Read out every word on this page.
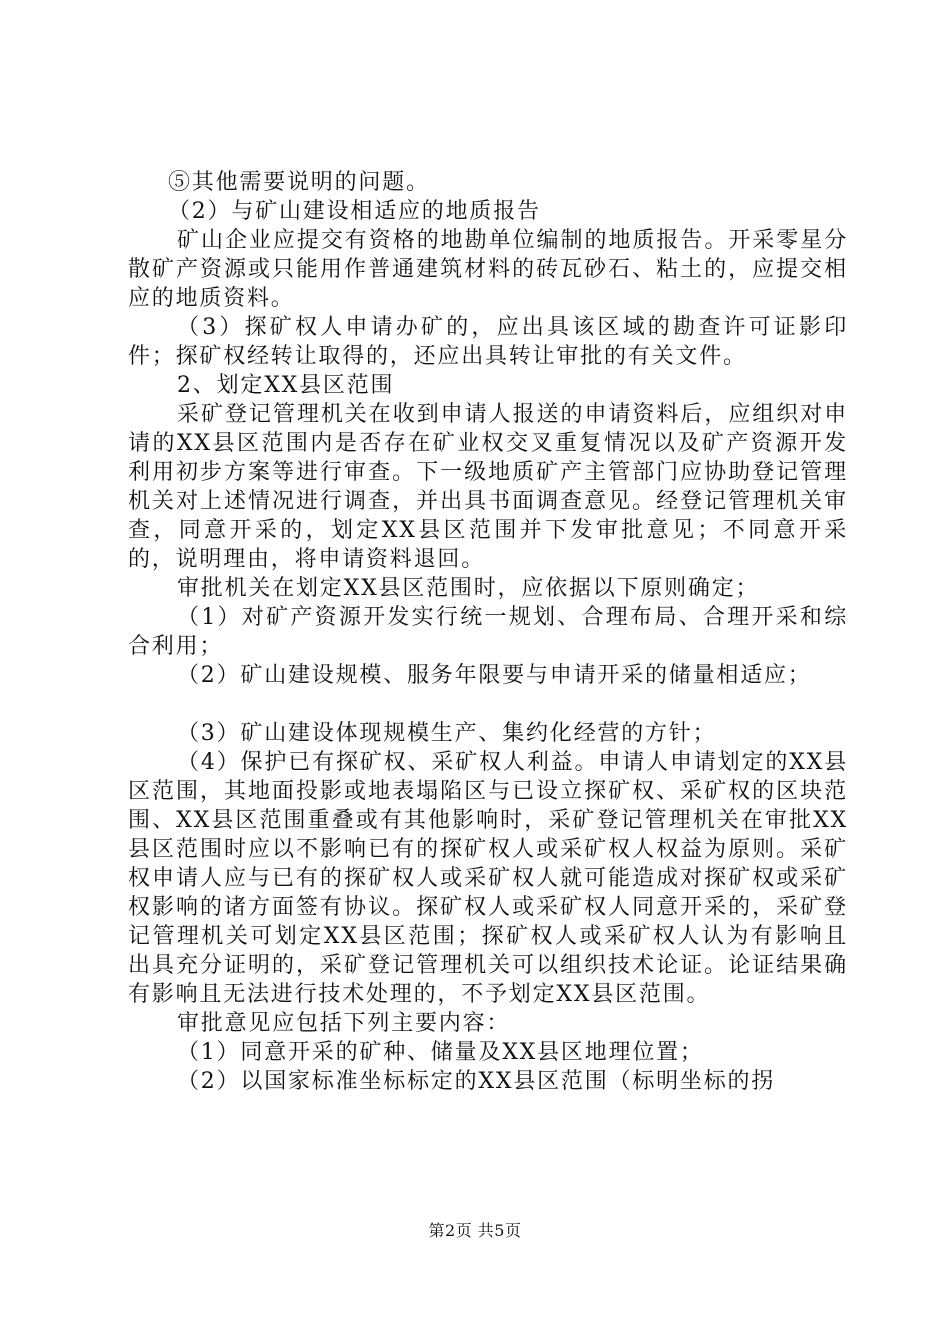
⑤其他需要说明的问题。

（2）与矿山建设相适应的地质报告

矿山企业应提交有资格的地勘单位编制的地质报告。开采零星分散矿产资源或只能用作普通建筑材料的砖瓦砂石、粘土的，应提交相应的地质资料。

（3）探矿权人申请办矿的，应出具该区域的勘查许可证影印件；探矿权经转让取得的，还应出具转让审批的有关文件。

2、划定XX县区范围

采矿登记管理机关在收到申请人报送的申请资料后，应组织对申请的XX县区范围内是否存在矿业权交叉重复情况以及矿产资源开发利用初步方案等进行审查。下一级地质矿产主管部门应协助登记管理机关对上述情况进行调查，并出具书面调查意见。经登记管理机关审查，同意开采的，划定XX县区范围并下发审批意见；不同意开采的，说明理由，将申请资料退回。

审批机关在划定XX县区范围时，应依据以下原则确定；

（1）对矿产资源开发实行统一规划、合理布局、合理开采和综合利用；

（2）矿山建设规模、服务年限要与申请开采的储量相适应；

（3）矿山建设体现规模生产、集约化经营的方针；

（4）保护已有探矿权、采矿权人利益。申请人申请划定的XX县区范围，其地面投影或地表塌陷区与已设立探矿权、采矿权的区块范围、XX县区范围重叠或有其他影响时，采矿登记管理机关在审批XX县区范围时应以不影响已有的探矿权人或采矿权人权益为原则。采矿权申请人应与已有的探矿权人或采矿权人就可能造成对探矿权或采矿权影响的诸方面签有协议。探矿权人或采矿权人同意开采的，采矿登记管理机关可划定XX县区范围；探矿权人或采矿权人认为有影响且出具充分证明的，采矿登记管理机关可以组织技术论证。论证结果确有影响且无法进行技术处理的，不予划定XX县区范围。

审批意见应包括下列主要内容：

（1）同意开采的矿种、储量及XX县区地理位置；

（2）以国家标准坐标标定的XX县区范围（标明坐标的拐

第2页 共5页
